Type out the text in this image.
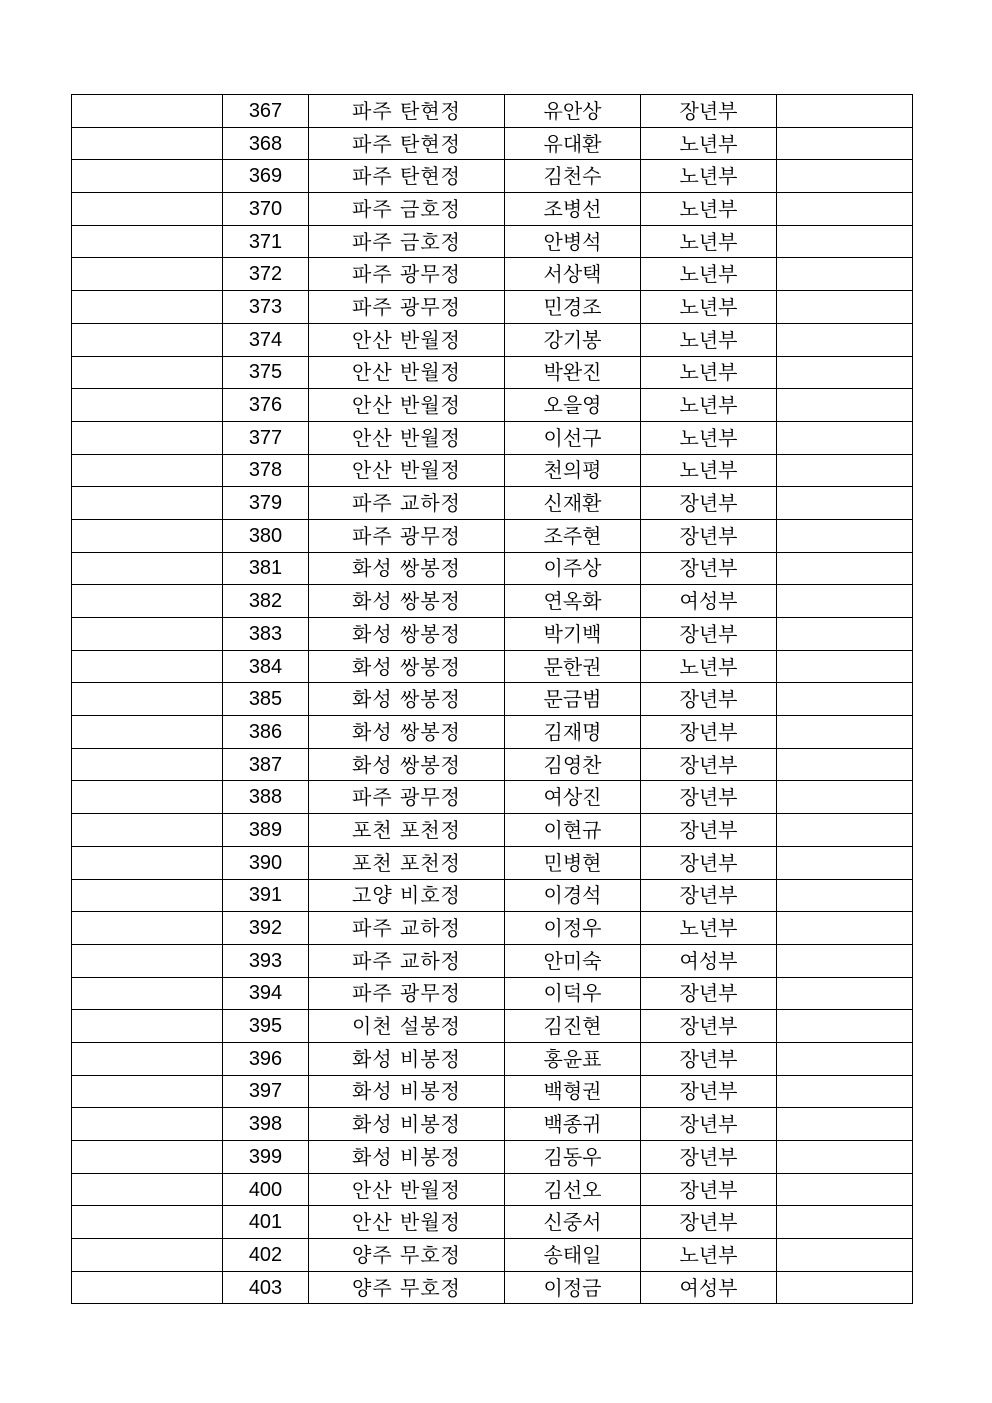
	367	파주 탄현정	유안상	장년부	
	368	파주 탄현정	유대환	노년부	
	369	파주 탄현정	김천수	노년부	
	370	파주 금호정	조병선	노년부	
	371	파주 금호정	안병석	노년부	
	372	파주 광무정	서상택	노년부	
	373	파주 광무정	민경조	노년부	
	374	안산 반월정	강기봉	노년부	
	375	안산 반월정	박완진	노년부	
	376	안산 반월정	오을영	노년부	
	377	안산 반월정	이선구	노년부	
	378	안산 반월정	천의평	노년부	
	379	파주 교하정	신재환	장년부	
	380	파주 광무정	조주현	장년부	
	381	화성 쌍봉정	이주상	장년부	
	382	화성 쌍봉정	연옥화	여성부	
	383	화성 쌍봉정	박기백	장년부	
	384	화성 쌍봉정	문한권	노년부	
	385	화성 쌍봉정	문금범	장년부	
	386	화성 쌍봉정	김재명	장년부	
	387	화성 쌍봉정	김영찬	장년부	
	388	파주 광무정	여상진	장년부	
	389	포천 포천정	이현규	장년부	
	390	포천 포천정	민병현	장년부	
	391	고양 비호정	이경석	장년부	
	392	파주 교하정	이정우	노년부	
	393	파주 교하정	안미숙	여성부	
	394	파주 광무정	이덕우	장년부	
	395	이천 설봉정	김진현	장년부	
	396	화성 비봉정	홍윤표	장년부	
	397	화성 비봉정	백형권	장년부	
	398	화성 비봉정	백종귀	장년부	
	399	화성 비봉정	김동우	장년부	
	400	안산 반월정	김선오	장년부	
	401	안산 반월정	신중서	장년부	
	402	양주 무호정	송태일	노년부	
	403	양주 무호정	이정금	여성부	
